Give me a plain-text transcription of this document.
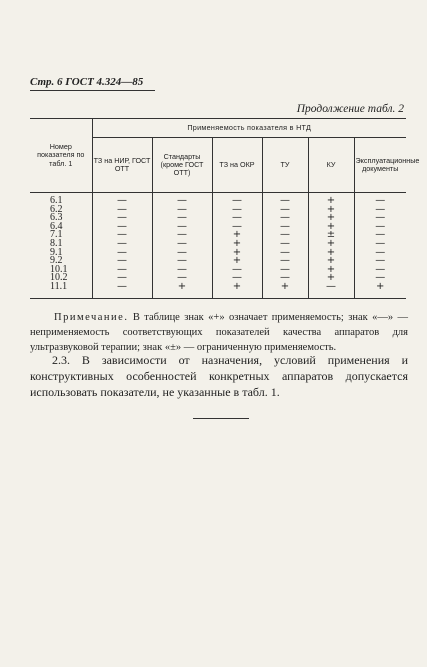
Стр. 6 ГОСТ 4.324—85
Продолжение табл. 2
Номер показателя по табл. 1	Применяемость показателя в НТД					
	ТЗ на НИР, ГОСТ ОТТ	Стандарты (кроме ГОСТ ОТТ)	ТЗ на ОКР	ТУ	КУ	Эксплуатационные документы
6.1	—	—	—	—	+	—
6.2	—	—	—	—	+	—
6.3	—	—	—	—	+	—
6.4	—	—	—	—	+	—
7.1	—	—	+	—	±	—
8.1	—	—	+	—	+	—
9.1	—	—	+	—	+	—
9.2	—	—	+	—	+	—
10.1	—	—	—	—	+	—
10.2	—	—	—	—	+	—
11.1	—	+	+	+	—	+
Примечание. В таблице знак «+» означает применяемость; знак «—» — неприменяемость соответствующих показателей качества аппаратов для ультразвуковой терапии; знак «±» — ограниченную применяемость.
2.3. В зависимости от назначения, условий применения и конструктивных особенностей конкретных аппаратов допускается использовать показатели, не указанные в табл. 1.
